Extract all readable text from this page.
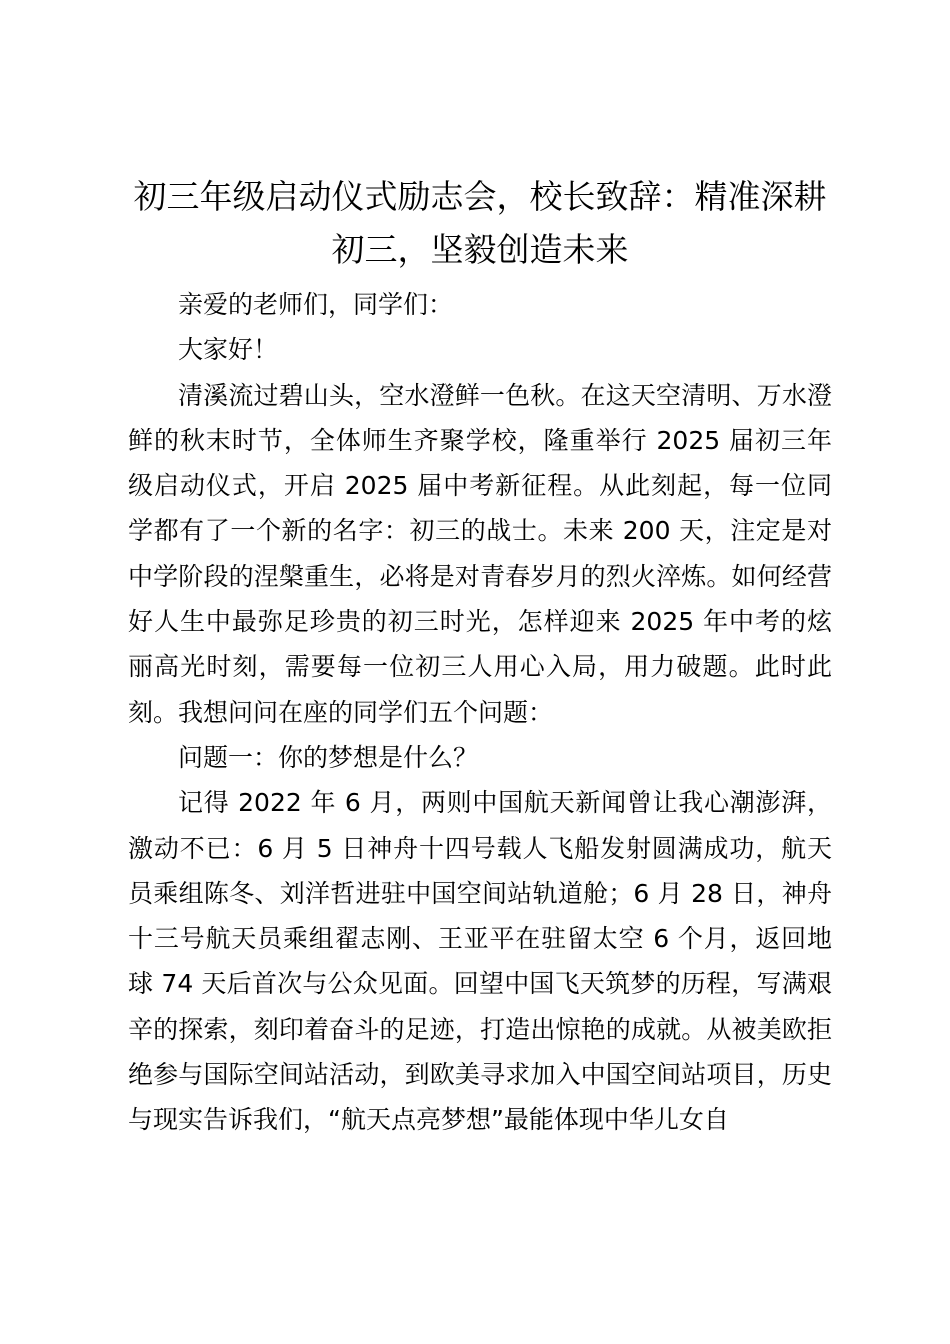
初三年级启动仪式励志会，校长致辞：精准深耕初三，坚毅创造未来

亲爱的老师们，同学们：

大家好！

清溪流过碧山头，空水澄鲜一色秋。在这天空清明、万水澄鲜的秋末时节，全体师生齐聚学校，隆重举行 2025 届初三年级启动仪式，开启 2025 届中考新征程。从此刻起，每一位同学都有了一个新的名字：初三的战士。未来 200 天，注定是对中学阶段的涅槃重生，必将是对青春岁月的烈火淬炼。如何经营好人生中最弥足珍贵的初三时光，怎样迎来 2025 年中考的炫丽高光时刻，需要每一位初三人用心入局，用力破题。此时此刻。我想问问在座的同学们五个问题：

问题一：你的梦想是什么？

记得 2022 年 6 月，两则中国航天新闻曾让我心潮澎湃，激动不已：6 月 5 日神舟十四号载人飞船发射圆满成功，航天员乘组陈冬、刘洋哲进驻中国空间站轨道舱；6 月 28 日，神舟十三号航天员乘组翟志刚、王亚平在驻留太空 6 个月，返回地球 74 天后首次与公众见面。回望中国飞天筑梦的历程，写满艰辛的探索，刻印着奋斗的足迹，打造出惊艳的成就。从被美欧拒绝参与国际空间站活动，到欧美寻求加入中国空间站项目，历史与现实告诉我们，“航天点亮梦想”最能体现中华儿女自
